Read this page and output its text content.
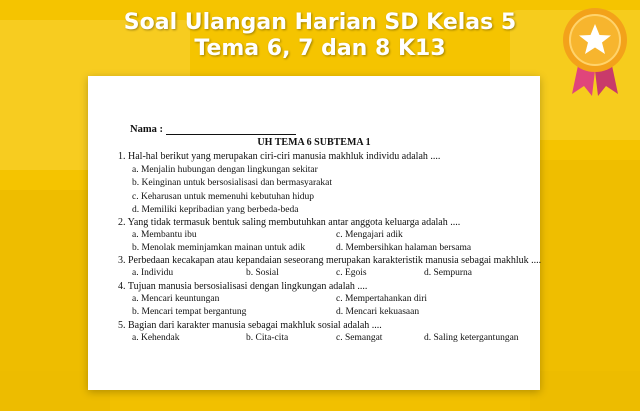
Soal Ulangan Harian SD Kelas 5
Tema 6, 7 dan 8 K13
Nama :
UH TEMA 6 SUBTEMA 1
1. Hal-hal berikut yang merupakan ciri-ciri manusia makhluk individu adalah ....
a. Menjalin hubungan dengan lingkungan sekitar
b. Keinginan untuk bersosialisasi dan bermasyarakat
c. Keharusan untuk memenuhi kebutuhan hidup
d. Memiliki kepribadian yang berbeda-beda
2. Yang tidak termasuk bentuk saling membutuhkan antar anggota keluarga adalah ....
a. Membantu ibu	c. Mengajari adik
b. Menolak meminjamkan mainan untuk adik	d. Membersihkan halaman bersama
3. Perbedaan kecakapan atau kepandaian seseorang merupakan karakteristik manusia sebagai makhluk ....
a. Individu	b. Sosial	c. Egois	d. Sempurna
4. Tujuan manusia bersosialisasi dengan lingkungan adalah ....
a. Mencari keuntungan	c. Mempertahankan diri
b. Mencari tempat bergantung	d. Mencari kekuasaan
5. Bagian dari karakter manusia sebagai makhluk sosial adalah ....
a. Kehendak	b. Cita-cita	c. Semangat	d. Saling ketergantungan
